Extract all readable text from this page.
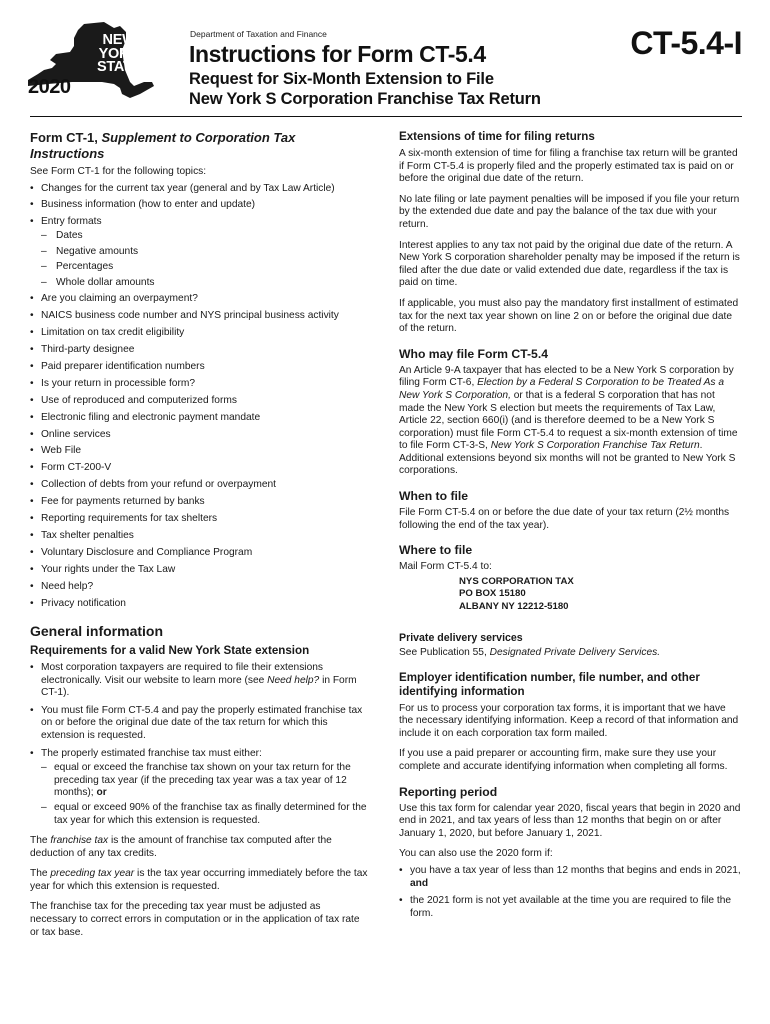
NEW
YORK
STATE
2020
Department of Taxation and Finance
Instructions for Form CT-5.4
Request for Six-Month Extension to File
New York S Corporation Franchise Tax Return
CT-5.4-I
Form CT-1, Supplement to Corporation Tax Instructions

See Form CT-1 for the following topics:

• Changes for the current tax year (general and by Tax Law Article)
• Business information (how to enter and update)
• Entry formats
– Dates
– Negative amounts
– Percentages
– Whole dollar amounts
• Are you claiming an overpayment?
• NAICS business code number and NYS principal business activity
• Limitation on tax credit eligibility
• Third-party designee
• Paid preparer identification numbers
• Is your return in processible form?
• Use of reproduced and computerized forms
• Electronic filing and electronic payment mandate
• Online services
• Web File
• Form CT-200-V
• Collection of debts from your refund or overpayment
• Fee for payments returned by banks
• Reporting requirements for tax shelters
• Tax shelter penalties
• Voluntary Disclosure and Compliance Program
• Your rights under the Tax Law
• Need help?
• Privacy notification
General information
Requirements for a valid New York State extension
• Most corporation taxpayers are required to file their extensions electronically. Visit our website to learn more (see Need help? in Form CT-1).
• You must file Form CT-5.4 and pay the properly estimated franchise tax on or before the original due date of the tax return for which this extension is requested.
• The properly estimated franchise tax must either:
– equal or exceed the franchise tax shown on your tax return for the preceding tax year (if the preceding tax year was a tax year of 12 months); or
– equal or exceed 90% of the franchise tax as finally determined for the tax year for which this extension is requested.

The franchise tax is the amount of franchise tax computed after the deduction of any tax credits.

The preceding tax year is the tax year occurring immediately before the tax year for which this extension is requested.

The franchise tax for the preceding tax year must be adjusted as necessary to correct errors in computation or in the application of tax rate or tax base.

Extensions of time for filing returns

A six-month extension of time for filing a franchise tax return will be granted if Form CT-5.4 is properly filed and the properly estimated tax is paid on or before the original due date of the return.

No late filing or late payment penalties will be imposed if you file your return by the extended due date and pay the balance of the tax due with your return.

Interest applies to any tax not paid by the original due date of the return. A New York S corporation shareholder penalty may be imposed if the return is filed after the due date or valid extended due date, regardless if the tax is paid on time.

If applicable, you must also pay the mandatory first installment of estimated tax for the next tax year shown on line 2 on or before the original due date of the return.

Who may file Form CT-5.4

An Article 9-A taxpayer that has elected to be a New York S corporation by filing Form CT-6, Election by a Federal S Corporation to be Treated As a New York S Corporation, or that is a federal S corporation that has not made the New York S election but meets the requirements of Tax Law, Article 22, section 660(i) (and is therefore deemed to be a New York S corporation) must file Form CT-5.4 to request a six-month extension of time to file Form CT-3-S, New York S Corporation Franchise Tax Return. Additional extensions beyond six months will not be granted to New York S corporations.

When to file

File Form CT-5.4 on or before the due date of your tax return (2½ months following the end of the tax year).

Where to file

Mail Form CT-5.4 to:

NYS CORPORATION TAX
PO BOX 15180
ALBANY NY 12212-5180
Private delivery services

See Publication 55, Designated Private Delivery Services.

Employer identification number, file number, and other identifying information

For us to process your corporation tax forms, it is important that we have the necessary identifying information. Keep a record of that information and include it on each corporation tax form mailed.

If you use a paid preparer or accounting firm, make sure they use your complete and accurate identifying information when completing all forms.

Reporting period

Use this tax form for calendar year 2020, fiscal years that begin in 2020 and end in 2021, and tax years of less than 12 months that begin on or after January 1, 2020, but before January 1, 2021.

You can also use the 2020 form if:

• you have a tax year of less than 12 months that begins and ends in 2021, and
• the 2021 form is not yet available at the time you are required to file the form.
